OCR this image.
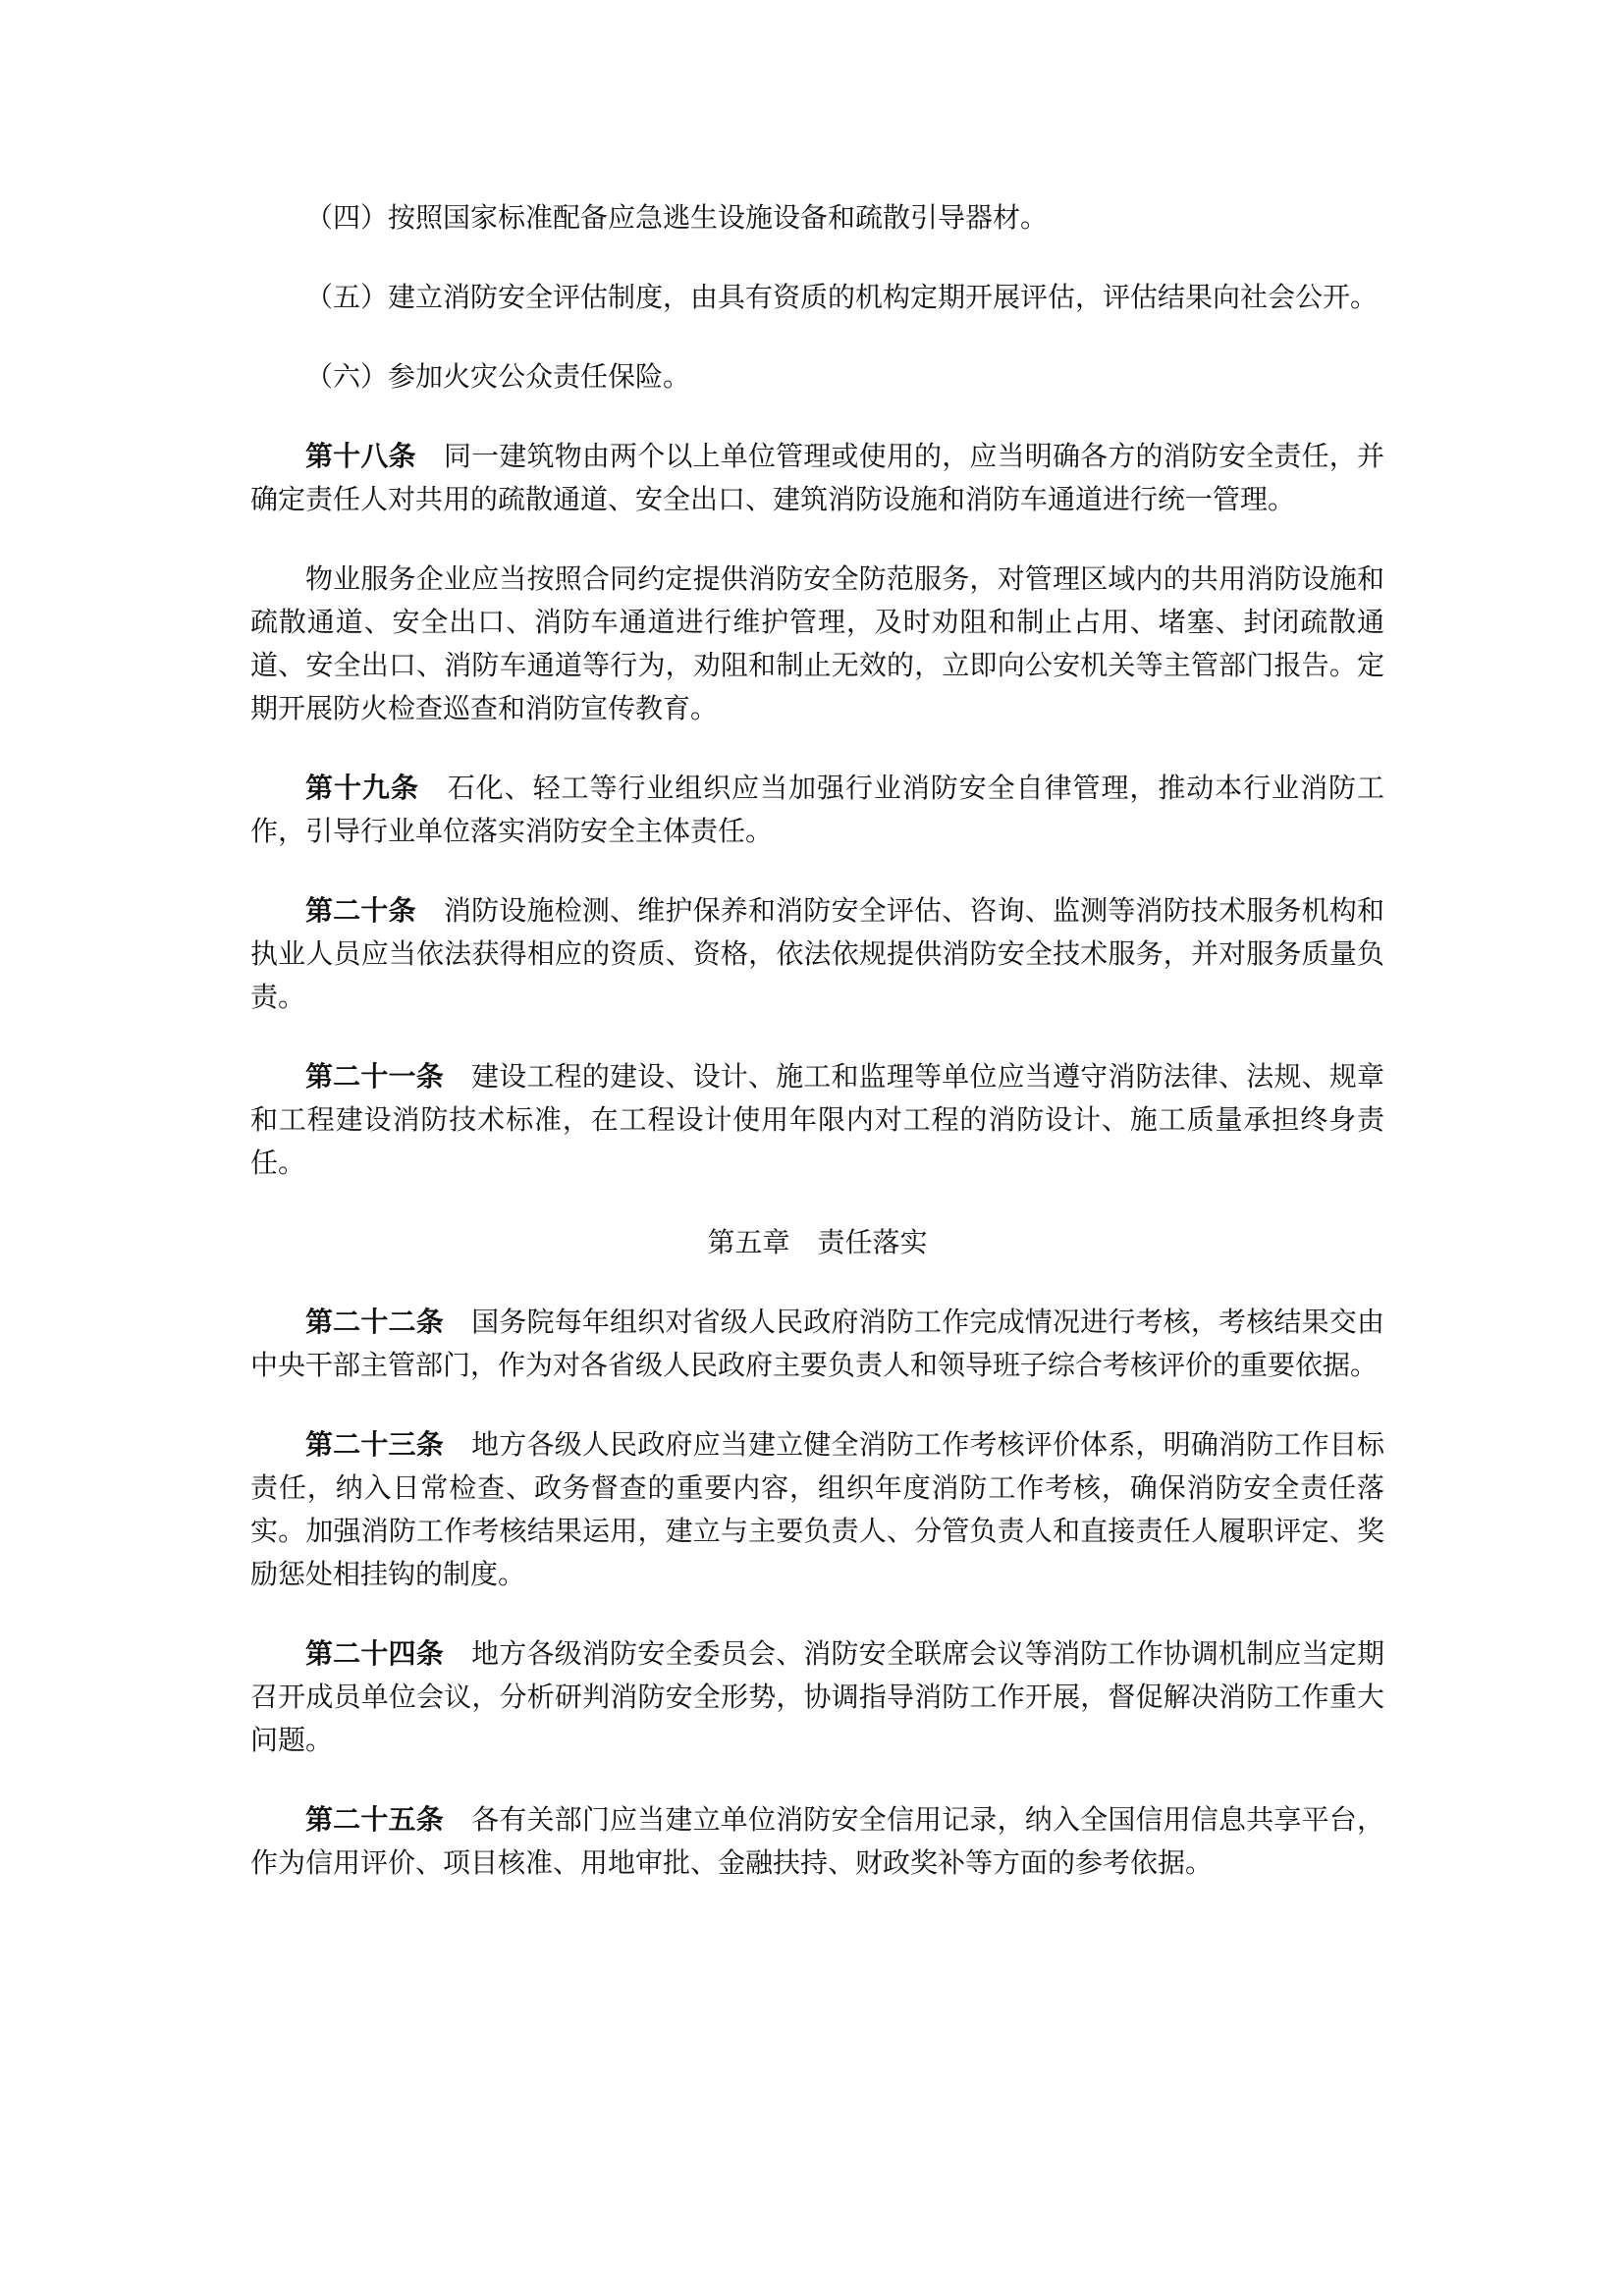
（四）按照国家标准配备应急逃生设施设备和疏散引导器材。

（五）建立消防安全评估制度，由具有资质的机构定期开展评估，评估结果向社会公开。

（六）参加火灾公众责任保险。

第十八条　 同一建筑物由两个以上单位管理或使用的，应当明确各方的消防安全责任，并确定责任人对共用的疏散通道、安全出口、建筑消防设施和消防车通道进行统一管理。

物业服务企业应当按照合同约定提供消防安全防范服务，对管理区域内的共用消防设施和疏散通道、安全出口、消防车通道进行维护管理，及时劝阻和制止占用、堵塞、封闭疏散通道、安全出口、消防车通道等行为，劝阻和制止无效的，立即向公安机关等主管部门报告。定期开展防火检查巡查和消防宣传教育。

第十九条　 石化、轻工等行业组织应当加强行业消防安全自律管理，推动本行业消防工作，引导行业单位落实消防安全主体责任。

第二十条　 消防设施检测、维护保养和消防安全评估、咨询、监测等消防技术服务机构和执业人员应当依法获得相应的资质、资格，依法依规提供消防安全技术服务，并对服务质量负责。

第二十一条　 建设工程的建设、设计、施工和监理等单位应当遵守消防法律、法规、规章和工程建设消防技术标准，在工程设计使用年限内对工程的消防设计、施工质量承担终身责任。

第五章　责任落实

第二十二条　 国务院每年组织对省级人民政府消防工作完成情况进行考核，考核结果交由中央干部主管部门，作为对各省级人民政府主要负责人和领导班子综合考核评价的重要依据。

第二十三条　 地方各级人民政府应当建立健全消防工作考核评价体系，明确消防工作目标责任，纳入日常检查、政务督查的重要内容，组织年度消防工作考核，确保消防安全责任落实。加强消防工作考核结果运用，建立与主要负责人、分管负责人和直接责任人履职评定、奖励惩处相挂钩的制度。

第二十四条　 地方各级消防安全委员会、消防安全联席会议等消防工作协调机制应当定期召开成员单位会议，分析研判消防安全形势，协调指导消防工作开展，督促解决消防工作重大问题。

第二十五条　 各有关部门应当建立单位消防安全信用记录，纳入全国信用信息共享平台，作为信用评价、项目核准、用地审批、金融扶持、财政奖补等方面的参考依据。
